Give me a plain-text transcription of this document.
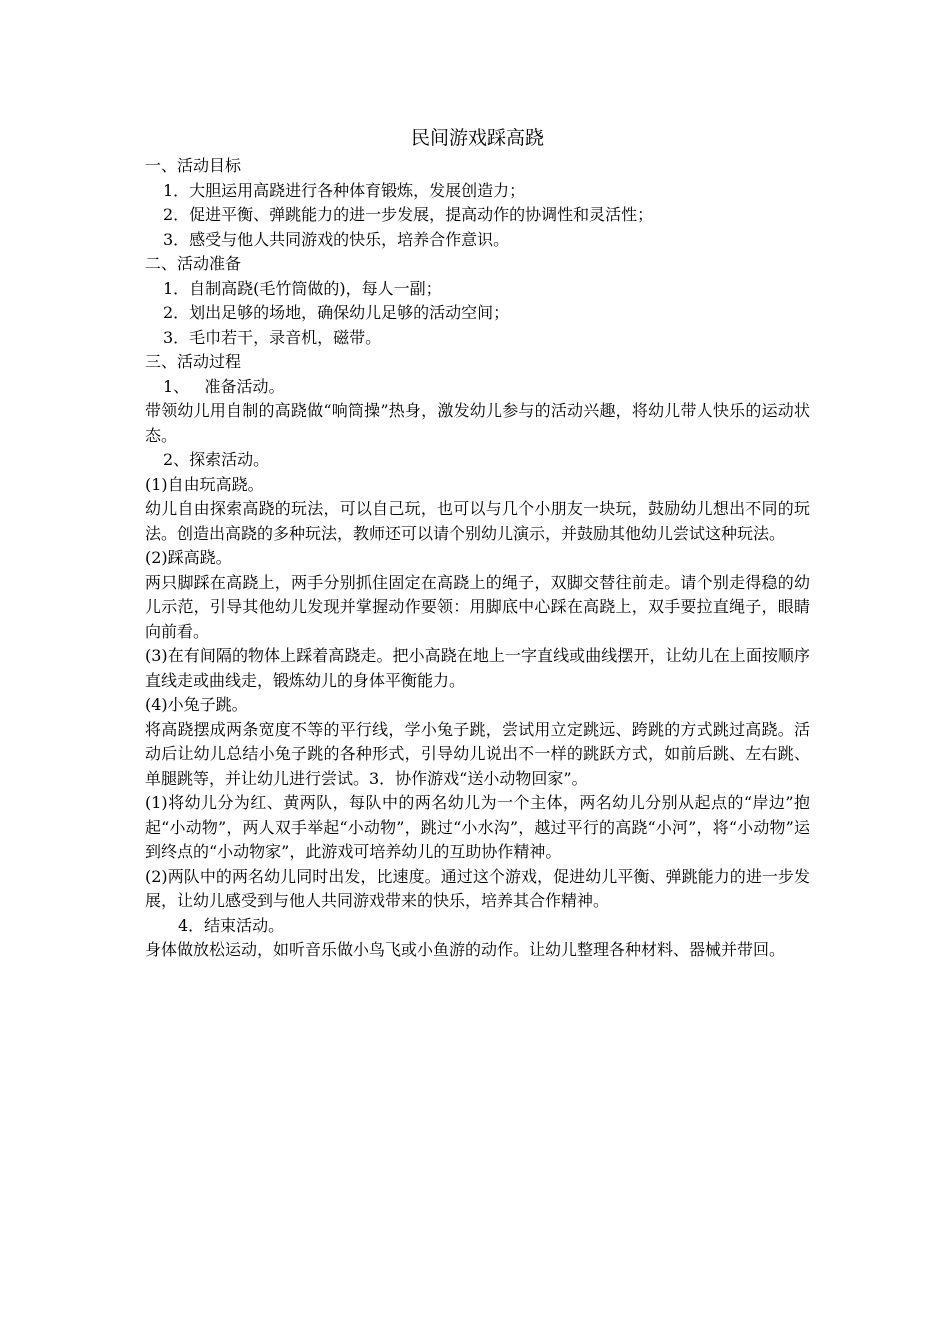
民间游戏踩高跷

一、活动目标

1．大胆运用高跷进行各种体育锻炼，发展创造力；

2．促进平衡、弹跳能力的进一步发展，提高动作的协调性和灵活性；

3．感受与他人共同游戏的快乐，培养合作意识。

二、活动准备

1．自制高跷(毛竹筒做的)，每人一副；

2．划出足够的场地，确保幼儿足够的活动空间；

3．毛巾若干，录音机，磁带。

三、活动过程

1、   准备活动。

带领幼儿用自制的高跷做“响筒操”热身，激发幼儿参与的活动兴趣，将幼儿带人快乐的运动状态。

2、探索活动。

(1)自由玩高跷。

幼儿自由探索高跷的玩法，可以自己玩，也可以与几个小朋友一块玩，鼓励幼儿想出不同的玩法。创造出高跷的多种玩法，教师还可以请个别幼儿演示，并鼓励其他幼儿尝试这种玩法。

(2)踩高跷。

两只脚踩在高跷上，两手分别抓住固定在高跷上的绳子，双脚交替往前走。请个别走得稳的幼儿示范，引导其他幼儿发现并掌握动作要领：用脚底中心踩在高跷上，双手要拉直绳子，眼睛向前看。

(3)在有间隔的物体上踩着高跷走。把小高跷在地上一字直线或曲线摆开，让幼儿在上面按顺序直线走或曲线走，锻炼幼儿的身体平衡能力。

(4)小兔子跳。

将高跷摆成两条宽度不等的平行线，学小兔子跳，尝试用立定跳远、跨跳的方式跳过高跷。活动后让幼儿总结小兔子跳的各种形式，引导幼儿说出不一样的跳跃方式，如前后跳、左右跳、单腿跳等，并让幼儿进行尝试。3．协作游戏“送小动物回家”。

(1)将幼儿分为红、黄两队，每队中的两名幼儿为一个主体，两名幼儿分别从起点的“岸边”抱起“小动物”，两人双手举起“小动物”，跳过“小水沟”，越过平行的高跷“小河”，将“小动物”运到终点的“小动物家”，此游戏可培养幼儿的互助协作精神。

(2)两队中的两名幼儿同时出发，比速度。通过这个游戏，促进幼儿平衡、弹跳能力的进一步发展，让幼儿感受到与他人共同游戏带来的快乐，培养其合作精神。

4．结束活动。

身体做放松运动，如听音乐做小鸟飞或小鱼游的动作。让幼儿整理各种材料、器械并带回。
